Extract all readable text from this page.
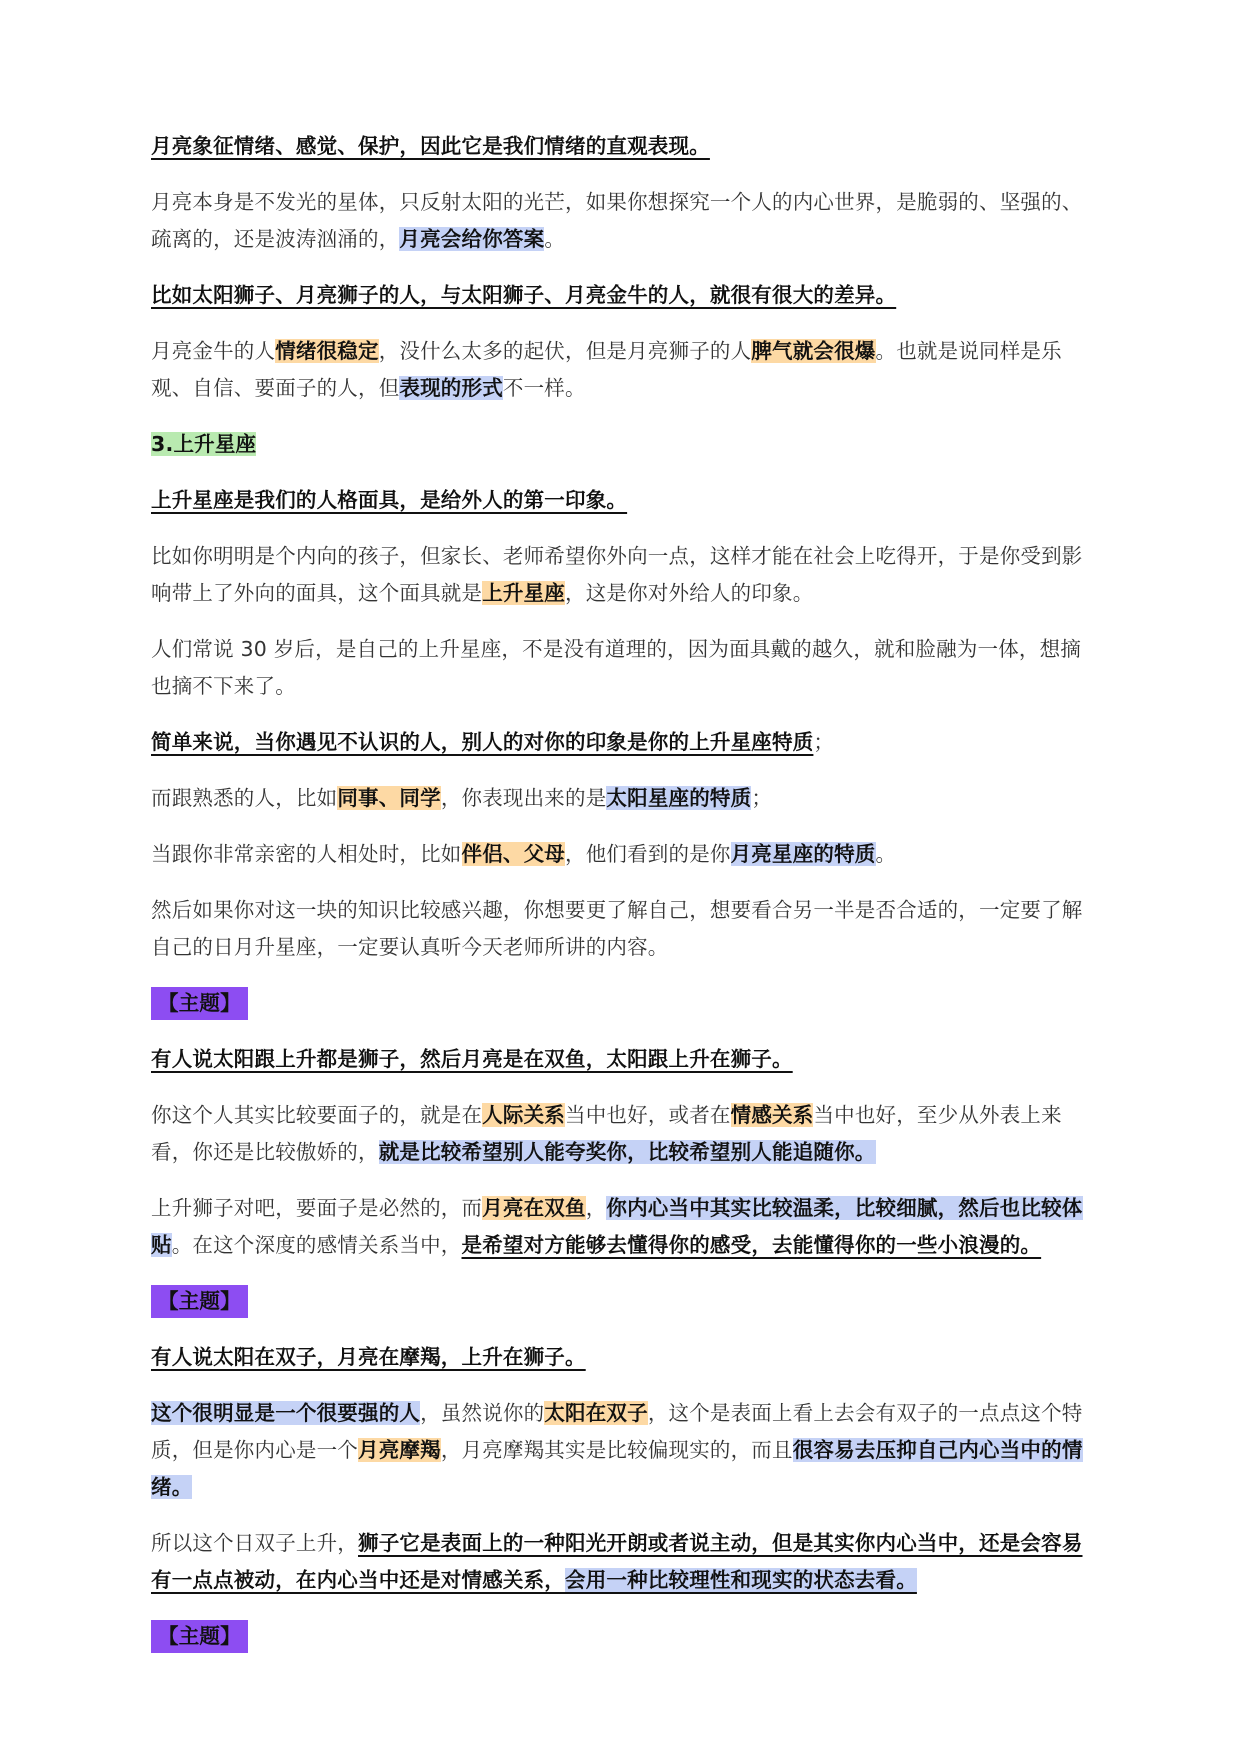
月亮象征情绪、感觉、保护，因此它是我们情绪的直观表现。

月亮本身是不发光的星体，只反射太阳的光芒，如果你想探究一个人的内心世界，是脆弱的、坚强的、疏离的，还是波涛汹涌的，月亮会给你答案。

比如太阳狮子、月亮狮子的人，与太阳狮子、月亮金牛的人，就很有很大的差异。

月亮金牛的人情绪很稳定，没什么太多的起伏，但是月亮狮子的人脾气就会很爆。也就是说同样是乐观、自信、要面子的人，但表现的形式不一样。

3.上升星座

上升星座是我们的人格面具，是给外人的第一印象。

比如你明明是个内向的孩子，但家长、老师希望你外向一点，这样才能在社会上吃得开，于是你受到影响带上了外向的面具，这个面具就是上升星座，这是你对外给人的印象。

人们常说 30 岁后，是自己的上升星座，不是没有道理的，因为面具戴的越久，就和脸融为一体，想摘也摘不下来了。

简单来说，当你遇见不认识的人，别人的对你的印象是你的上升星座特质；

而跟熟悉的人，比如同事、同学，你表现出来的是太阳星座的特质；

当跟你非常亲密的人相处时，比如伴侣、父母，他们看到的是你月亮星座的特质。

然后如果你对这一块的知识比较感兴趣，你想要更了解自己，想要看合另一半是否合适的，一定要了解自己的日月升星座，一定要认真听今天老师所讲的内容。

【主题】

有人说太阳跟上升都是狮子，然后月亮是在双鱼，太阳跟上升在狮子。

你这个人其实比较要面子的，就是在人际关系当中也好，或者在情感关系当中也好，至少从外表上来看，你还是比较傲娇的，就是比较希望别人能夸奖你，比较希望别人能追随你。

上升狮子对吧，要面子是必然的，而月亮在双鱼，你内心当中其实比较温柔，比较细腻，然后也比较体贴。在这个深度的感情关系当中，是希望对方能够去懂得你的感受，去能懂得你的一些小浪漫的。

【主题】

有人说太阳在双子，月亮在摩羯，上升在狮子。

这个很明显是一个很要强的人，虽然说你的太阳在双子，这个是表面上看上去会有双子的一点点这个特质，但是你内心是一个月亮摩羯，月亮摩羯其实是比较偏现实的，而且很容易去压抑自己内心当中的情绪。

所以这个日双子上升，狮子它是表面上的一种阳光开朗或者说主动，但是其实你内心当中，还是会容易有一点点被动，在内心当中还是对情感关系，会用一种比较理性和现实的状态去看。

【主题】
